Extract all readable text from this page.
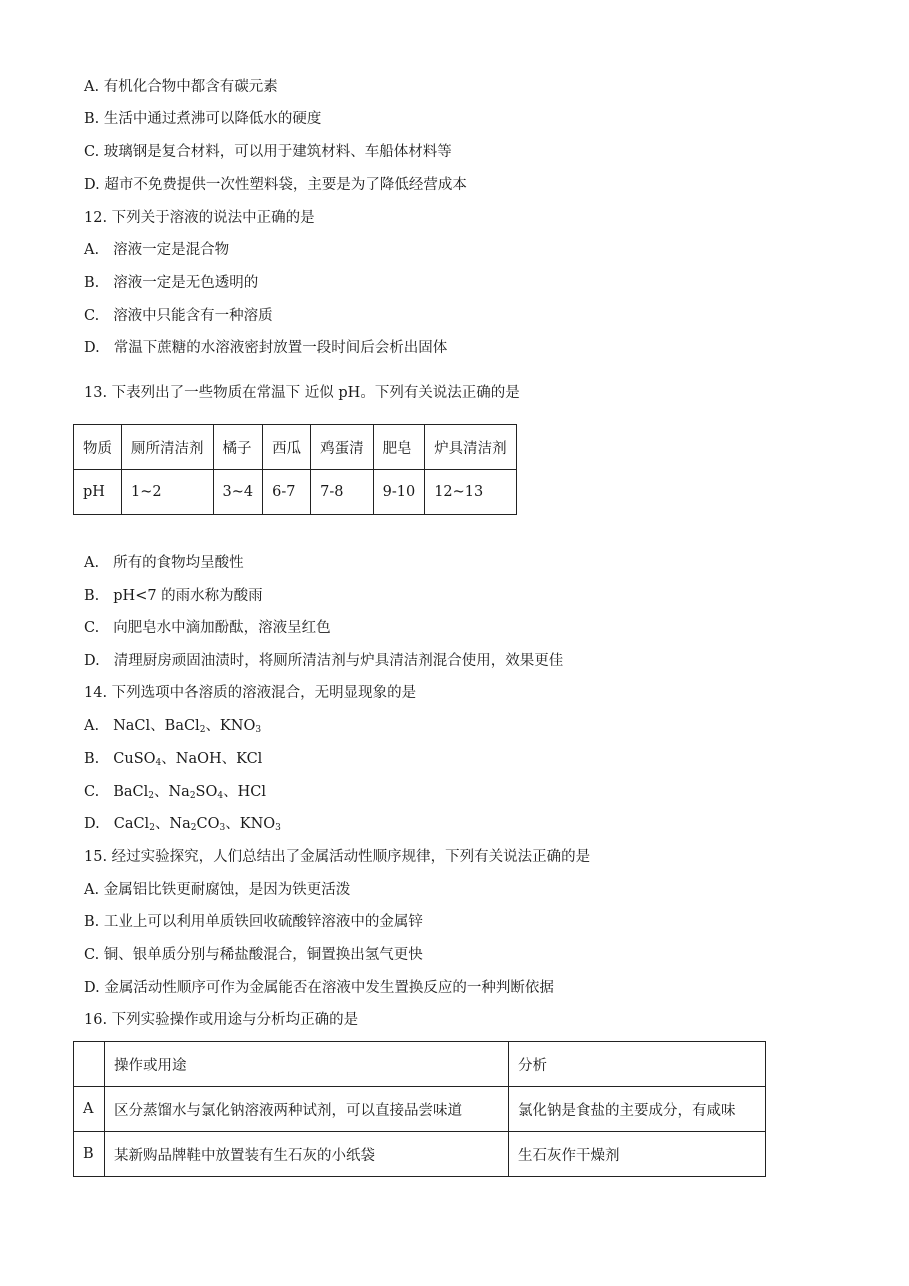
A. 有机化合物中都含有碳元素
B. 生活中通过煮沸可以降低水的硬度
C. 玻璃钢是复合材料，可以用于建筑材料、车船体材料等
D. 超市不免费提供一次性塑料袋，主要是为了降低经营成本
12. 下列关于溶液的说法中正确的是
A. 溶液一定是混合物
B. 溶液一定是无色透明的
C. 溶液中只能含有一种溶质
D. 常温下蔗糖的水溶液密封放置一段时间后会析出固体
13. 下表列出了一些物质在常温下 近似 pH。下列有关说法正确的是
物质	厕所清洁剂	橘子	西瓜	鸡蛋清	肥皂	炉具清洁剂
pH	1~2	3~4	6-7	7-8	9-10	12~13
A. 所有的食物均呈酸性
B. pH<7 的雨水称为酸雨
C. 向肥皂水中滴加酚酞，溶液呈红色
D. 清理厨房顽固油渍时，将厕所清洁剂与炉具清洁剂混合使用，效果更佳
14. 下列选项中各溶质的溶液混合，无明显现象的是
A. NaCl、BaCl$_2$、$KNO_3$
B. CuSO$_4$、NaOH、KCl
C. BaCl$_2$、$Na_2SO_4$、HCl
D. CaCl$_2$、$Na_2CO_3$、$KNO_3$
15. 经过实验探究，人们总结出了金属活动性顺序规律，下列有关说法正确的是
A. 金属铝比铁更耐腐蚀，是因为铁更活泼
B. 工业上可以利用单质铁回收硫酸锌溶液中的金属锌
C. 铜、银单质分别与稀盐酸混合，铜置换出氢气更快
D. 金属活动性顺序可作为金属能否在溶液中发生置换反应的一种判断依据
16. 下列实验操作或用途与分析均正确的是
	操作或用途	分析
A	区分蒸馏水与氯化钠溶液两种试剂，可以直接品尝味道	氯化钠是食盐的主要成分，有咸味
B	某新购品牌鞋中放置装有生石灰的小纸袋	生石灰作干燥剂
